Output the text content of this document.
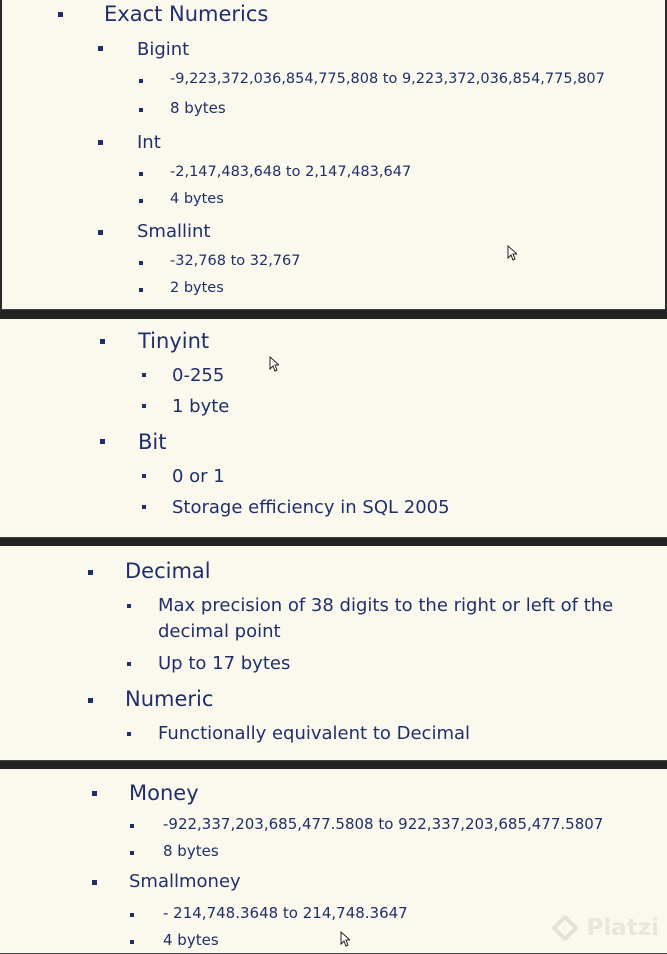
Exact Numerics
Bigint
-9,223,372,036,854,775,808 to 9,223,372,036,854,775,807
8 bytes
Int
-2,147,483,648 to 2,147,483,647
4 bytes
Smallint
-32,768 to 32,767
2 bytes
Tinyint
0-255
1 byte
Bit
0 or 1
Storage efficiency in SQL 2005
Decimal
Max precision of 38 digits to the right or left of the
decimal point
Up to 17 bytes
Numeric
Functionally equivalent to Decimal
Money
-922,337,203,685,477.5808 to 922,337,203,685,477.5807
8 bytes
Smallmoney
- 214,748.3648 to 214,748.3647
4 bytes	Platzi
